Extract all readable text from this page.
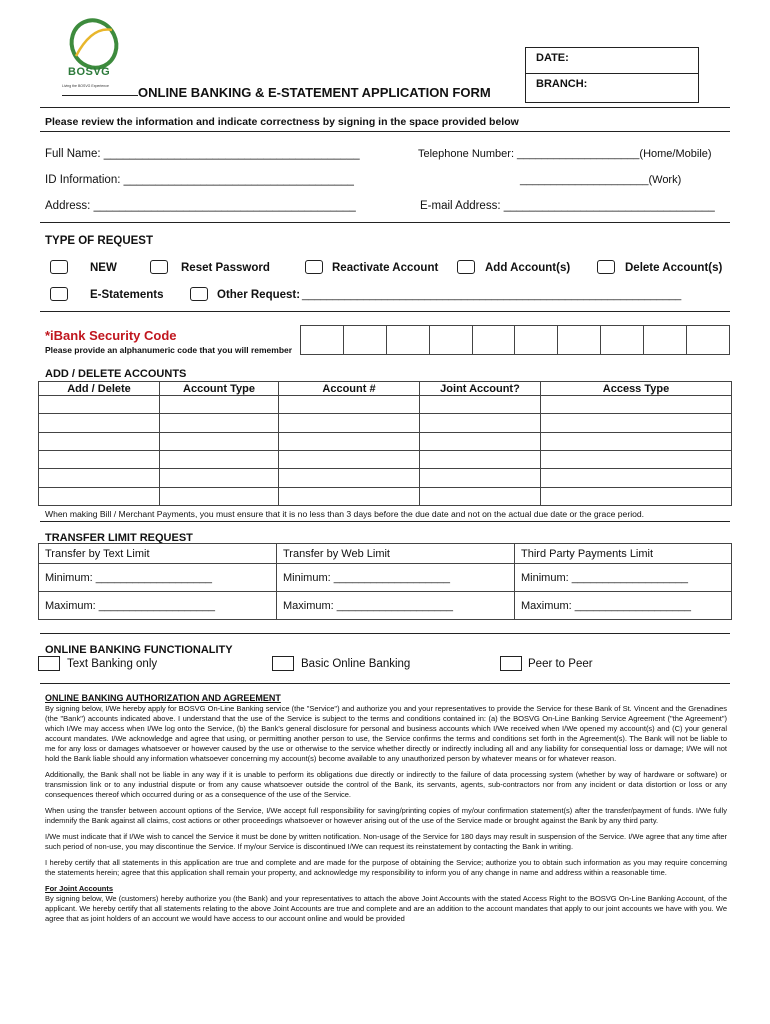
BOSVG
Living the BOSVG Experience
DATE:
BRANCH:
ONLINE BANKING & E-STATEMENT APPLICATION FORM
Please review the information and indicate correctness by signing in the space provided below
Full Name: ________________________________________	Telephone Number: ____________________(Home/Mobile)
ID Information: ____________________________________	_____________________(Work)
Address: _________________________________________	E-mail Address: _________________________________
TYPE OF REQUEST
NEW	Reset Password	Reactivate Account	Add Account(s)	Delete Account(s)
E-Statements	Other Request: ______________________________________________________________
*iBank Security Code
Please provide an alphanumeric code that you will remember

ADD / DELETE ACCOUNTS
Add / Delete	Account Type	Account #	Joint Account?	Access Type

When making Bill / Merchant Payments, you must ensure that it is no less than 3 days before the due date and not on the actual due date or the grace period.
TRANSFER LIMIT REQUEST
Transfer by Text Limit	Transfer by Web Limit	Third Party Payments Limit
Minimum: ___________________	Minimum: ___________________	Minimum: ___________________
Maximum: ___________________	Maximum: ___________________	Maximum: ___________________
ONLINE BANKING FUNCTIONALITY
Text Banking only	Basic Online Banking	Peer to Peer
ONLINE BANKING AUTHORIZATION AND AGREEMENT

By signing below, I/We hereby apply for BOSVG On-Line Banking service (the "Service") and authorize you and your representatives to provide the Service for these Bank of St. Vincent and the Grenadines (the "Bank") accounts indicated above. I understand that the use of the Service is subject to the terms and conditions contained in: (a) the BOSVG On-Line Banking Service Agreement ("the Agreement") which I/We may access when I/We log onto the Service, (b) the Bank's general disclosure for personal and business accounts which I/We received when I/We opened my account(s) and (C) your general account mandates. I/We acknowledge and agree that using, or permitting another person to use, the Service confirms the terms and conditions set forth in the Agreement(s). The Bank will not be liable to me for any loss or damages whatsoever or however caused by the use or otherwise to the service whether directly or indirectly including all and any liability for consequential loss or damage; I/We will not hold the Bank liable should any information whatsoever concerning my account(s) become available to any unauthorized person by whatever means or for whatever reason.

Additionally, the Bank shall not be liable in any way if it is unable to perform its obligations due directly or indirectly to the failure of data processing system (whether by way of hardware or software) or transmission link or to any industrial dispute or from any cause whatsoever outside the control of the Bank, its servants, agents, sub-contractors nor from any incident or data distortion or loss or any consequences thereof which occurred during or as a consequence of the use of the Service.

When using the transfer between account options of the Service, I/We accept full responsibility for saving/printing copies of my/our confirmation statement(s) after the transfer/payment of funds. I/We fully indemnify the Bank against all claims, cost actions or other proceedings whatsoever or however arising out of the use of the Service made or brought against the Bank by any third party.

I/We must indicate that if I/We wish to cancel the Service it must be done by written notification. Non-usage of the Service for 180 days may result in suspension of the Service. I/We agree that any time after such period of non-use, you may discontinue the Service. If my/our Service is discontinued I/We can request its reinstatement by contacting the Bank in writing.

I hereby certify that all statements in this application are true and complete and are made for the purpose of obtaining the Service; authorize you to obtain such information as you may require concerning the statements herein; agree that this application shall remain your property, and acknowledge my responsibility to inform you of any change in name and address within a reasonable time.

For Joint Accounts
By signing below, We (customers) hereby authorize you (the Bank) and your representatives to attach the above Joint Accounts with the stated Access Right to the BOSVG On-Line Banking Account, of the applicant. We hereby certify that all statements relating to the above Joint Accounts are true and complete and are an addition to the account mandates that apply to our joint accounts we have with you. We agree that as joint holders of an account we would have access to our account online and would be provided
